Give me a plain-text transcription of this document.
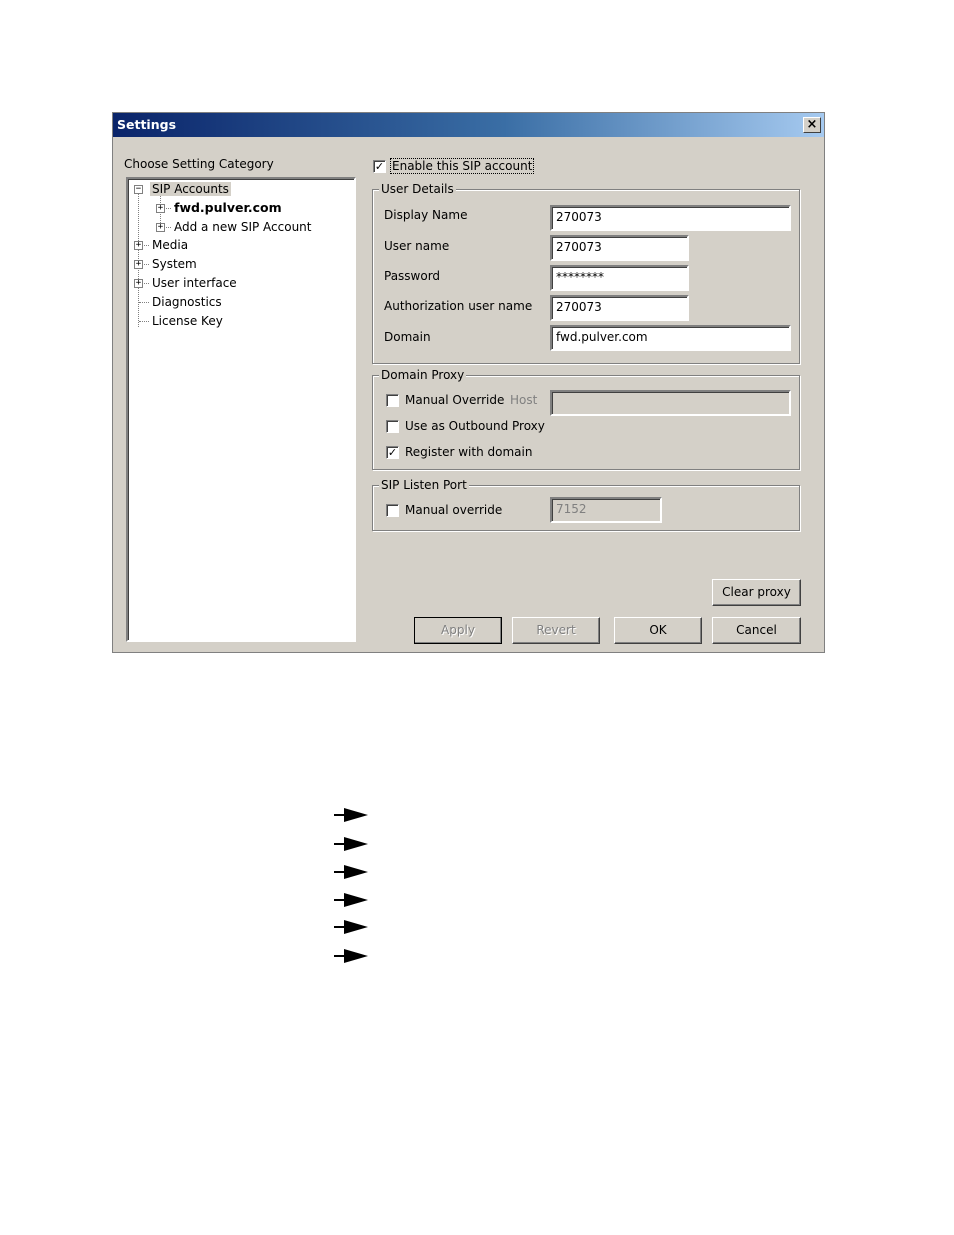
Settings	×
Choose Setting Category
− SIP Accounts
+ fwd.pulver.com
+ Add a new SIP Account
+ Media
+ System
+ User interface
Diagnostics
License Key
✓ Enable this SIP account
User Details
Display Name	270073
User name	270073
Password	********
Authorization user name	270073
Domain	fwd.pulver.com
Domain Proxy
Manual Override Host
Use as Outbound Proxy
✓ Register with domain
SIP Listen Port
Manual override	7152
Clear proxy
Apply	Revert	OK	Cancel
